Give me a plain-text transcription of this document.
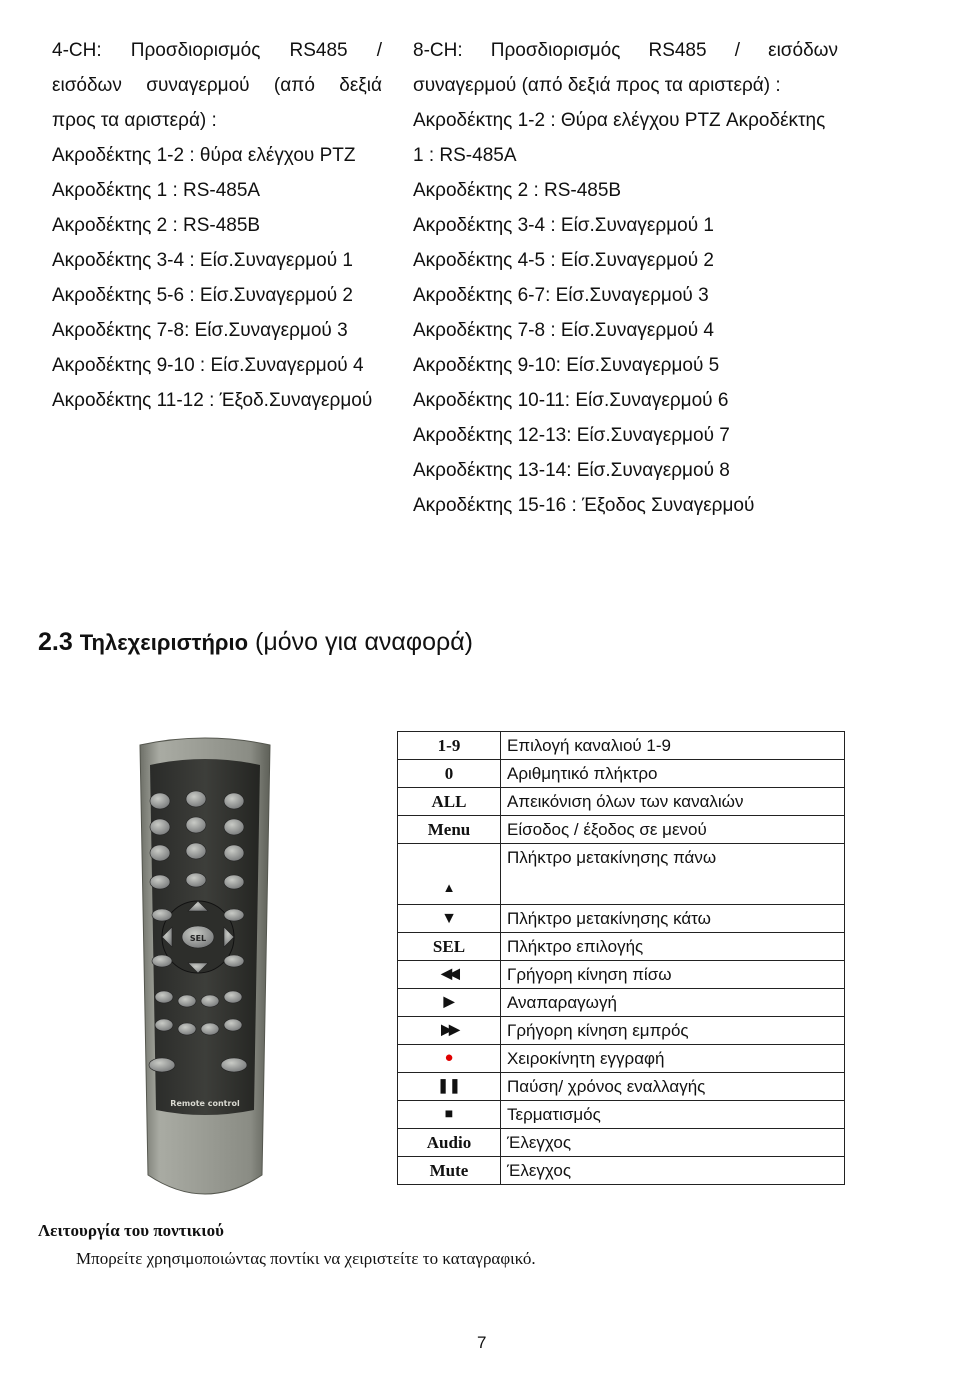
4-CH: Προσδιορισμός RS485 /
εισόδων συναγερμού (από δεξιά
προς τα αριστερά) :
Ακροδέκτης 1-2 : θύρα ελέγχου PTZ
Ακροδέκτης 1 : RS-485A
Ακροδέκτης 2 : RS-485B
Ακροδέκτης 3-4 : Είσ.Συναγερμού 1
Ακροδέκτης 5-6 : Είσ.Συναγερμού 2
Ακροδέκτης 7-8: Είσ.Συναγερμού 3
Ακροδέκτης 9-10 : Είσ.Συναγερμού 4
Ακροδέκτης 11-12 : Έξοδ.Συναγερμού
8-CH: Προσδιορισμός RS485 / εισόδων
συναγερμού (από δεξιά προς τα αριστερά) :
Ακροδέκτης 1-2 : Θύρα ελέγχου PTZ Ακροδέκτης
1 : RS-485A
Ακροδέκτης 2 : RS-485B
Ακροδέκτης 3-4 : Είσ.Συναγερμού 1
Ακροδέκτης 4-5 : Είσ.Συναγερμού 2
Ακροδέκτης 6-7: Είσ.Συναγερμού 3
Ακροδέκτης 7-8 : Είσ.Συναγερμού 4
Ακροδέκτης 9-10: Είσ.Συναγερμού 5
Ακροδέκτης 10-11: Είσ.Συναγερμού 6
Ακροδέκτης 12-13: Είσ.Συναγερμού 7
Ακροδέκτης 13-14: Είσ.Συναγερμού 8
Ακροδέκτης 15-16 : Έξοδος Συναγερμού
2.3 Τηλεχειριστήριο (μόνο για αναφορά)
SEL
Remote control
1-9	Επιλογή καναλιού 1-9
0	Αριθμητικό πλήκτρο
ALL	Απεικόνιση όλων των καναλιών
Menu	Είσοδος / έξοδος σε μενού
▲	Πλήκτρο μετακίνησης πάνω
▼	Πλήκτρο μετακίνησης κάτω
SEL	Πλήκτρο επιλογής
◀◀	Γρήγορη κίνηση πίσω
▶	Αναπαραγωγή
▶▶	Γρήγορη κίνηση εμπρός
●	Χειροκίνητη εγγραφή
❚❚	Παύση/ χρόνος εναλλαγής
■	Τερματισμός
Audio	Έλεγχος
Mute	Έλεγχος
Λειτουργία του ποντικιού
Μπορείτε χρησιμοποιώντας ποντίκι να χειριστείτε το καταγραφικό.
7
